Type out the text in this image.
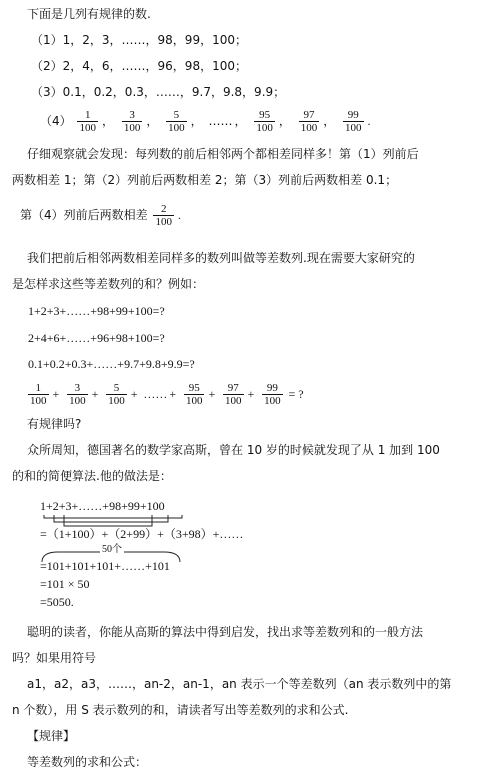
下面是几列有规律的数.
（1）1，2，3，……，98，99，100；
（2）2，4，6，……，96，98，100；
（3）0.1，0.2，0.3，……，9.7，9.8，9.9；
$(4) \frac{1}{100}$ ， $\frac{3}{100}$ ， $\frac{5}{100}$ ， …… ， $\frac{95}{100}$ ， $\frac{97}{100}$ ， $\frac{99}{100}$ .
仔细观察就会发现：每列数的前后相邻两个都相差同样多！第（1）列前后
两数相差 1；第（2）列前后两数相差 2；第（3）列前后两数相差 0.1；
第（4）列前后两数相差 $\frac{2}{100}$ .
我们把前后相邻两数相差同样多的数列叫做等差数列.现在需要大家研究的
是怎样求这些等差数列的和？例如：
1+2+3+……+98+99+100=?
2+4+6+……+96+98+100=?
0.1+0.2+0.3+……+9.7+9.8+9.9=?
$\frac{1}{100} + \frac{3}{100} + \frac{5}{100}$ + …… + $\frac{95}{100} + \frac{97}{100} + \frac{99}{100}$ = ?
有规律吗?
众所周知，德国著名的数学家高斯，曾在 10 岁的时候就发现了从 1 加到 100
的和的简便算法.他的做法是：
1+2+3+……+98+99+100
=（1+100）+（2+99）+（3+98）+……
50个
=101+101+101+……+101
=101 × 50
=5050.
聪明的读者，你能从高斯的算法中得到启发，找出求等差数列和的一般方法
吗？如果用符号
a1，a2，a3，……，an-2，an-1，an 表示一个等差数列（an 表示数列中的第
n 个数），用 S 表示数列的和，请读者写出等差数列的求和公式.
【规律】
等差数列的求和公式：
